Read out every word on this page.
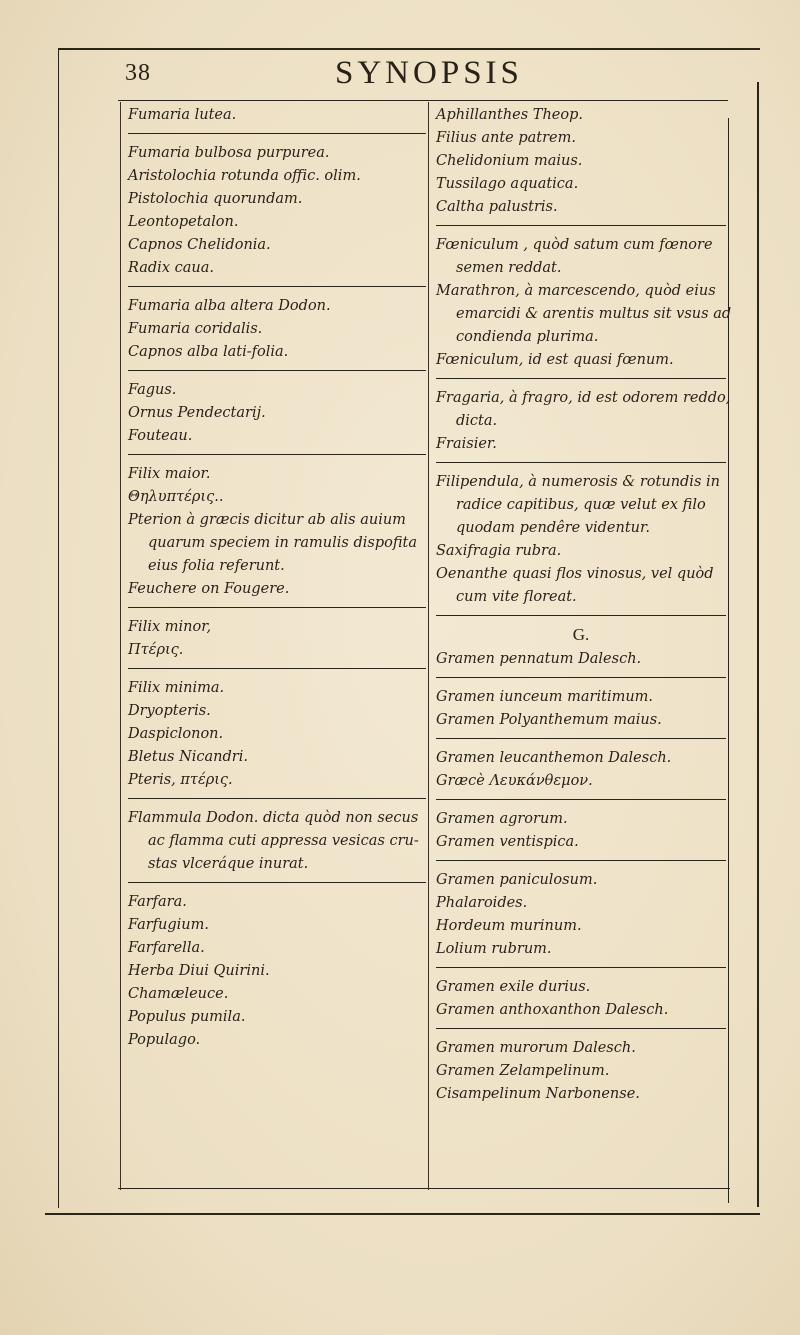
38	SYNOPSIS
Fumaria lutea.
Fumaria bulbosa purpurea.
Aristolochia rotunda offic. olim.
Pistolochia quorundam.
Leontopetalon.
Capnos Chelidonia.
Radix caua.
Fumaria alba altera Dodon.
Fumaria coridalis.
Capnos alba lati-folia.
Fagus.
Ornus Pendectarij.
Fouteau.
Filix maior.
Θηλυπτέρις..
Pterion à græcis dicitur ab alis auium
quarum speciem in ramulis dispofita
eius folia referunt.
Feuchere on Fougere.
Filix minor,
Πτέρις.
Filix minima.
Dryopteris.
Daspiclonon.
Bletus Nicandri.
Pteris, πτέρις.
Flammula Dodon. dicta quòd non secus
ac flamma cuti appressa vesicas cru-
stas vlceráque inurat.
Farfara.
Farfugium.
Farfarella.
Herba Diui Quirini.
Chamæleuce.
Populus pumila.
Populago.
Aphillanthes Theop.
Filius ante patrem.
Chelidonium maius.
Tussilago aquatica.
Caltha palustris.
Fœniculum , quòd satum cum fœnore
semen reddat.
Marathron, à marcescendo, quòd eius
emarcidi & arentis multus sit vsus ad
condienda plurima.
Fœniculum, id est quasi fœnum.
Fragaria, à fragro, id est odorem reddo,
dicta.
Fraisier.
Filipendula, à numerosis & rotundis in
radice capitibus, quæ velut ex filo
quodam pendêre videntur.
Saxifragia rubra.
Oenanthe quasi flos vinosus, vel quòd
cum vite floreat.
G.
Gramen pennatum Dalesch.
Gramen iunceum maritimum.
Gramen Polyanthemum maius.
Gramen leucanthemon Dalesch.
Græcè Λευκάνθεμον.
Gramen agrorum.
Gramen ventispica.
Gramen paniculosum.
Phalaroides.
Hordeum murinum.
Lolium rubrum.
Gramen exile durius.
Gramen anthoxanthon Dalesch.
Gramen murorum Dalesch.
Gramen Zelampelinum.
Cisampelinum Narbonense.
